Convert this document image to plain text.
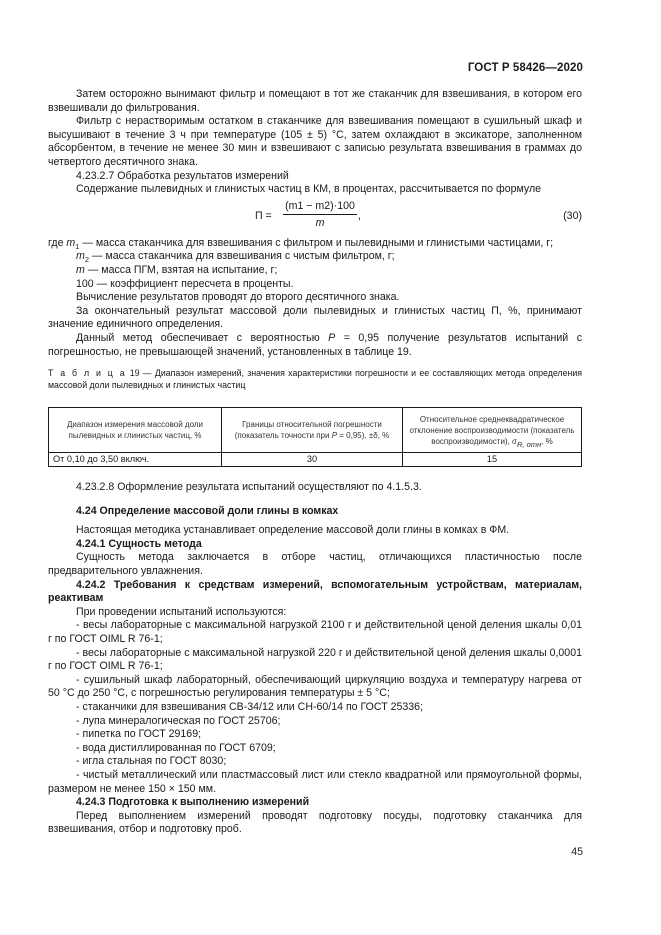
ГОСТ Р 58426—2020

Затем осторожно вынимают фильтр и помещают в тот же стаканчик для взвешивания, в котором его взвешивали до фильтрования.

Фильтр с нерастворимым остатком в стаканчике для взвешивания помещают в сушильный шкаф и высушивают в течение 3 ч при температуре (105 ± 5) °С, затем охлаждают в эксикаторе, заполненном абсорбентом, в течение не менее 30 мин и взвешивают с записью результата взвешивания в граммах до четвертого десятичного знака.

4.23.2.7 Обработка результатов измерений

Содержание пылевидных и глинистых частиц в КМ, в процентах, рассчитывается по формуле

П =
(m1 − m2)·100
m
,	(30)

где $m_1$ — масса стаканчика для взвешивания с фильтром и пылевидными и глинистыми частицами, г;

$m_2$ — масса стаканчика для взвешивания с чистым фильтром, г;

m — масса ПГМ, взятая на испытание, г;

100 — коэффициент пересчета в проценты.

Вычисление результатов проводят до второго десятичного знака.

За окончательный результат массовой доли пылевидных и глинистых частиц П, %, принимают значение единичного определения.

Данный метод обеспечивает с вероятностью P = 0,95 получение результатов испытаний с погрешностью, не превышающей значений, установленных в таблице 19.

Т а б л и ц а 19 — Диапазон измерений, значения характеристики погрешности и ее составляющих метода определения массовой доли пылевидных и глинистых частиц

Диапазон измерения массовой доли пылевидных и глинистых частиц, %	Границы относительной погрешности (показатель точности при P = 0,95), ±δ, %	Относительное среднеквадратическое отклонение воспроизводимости (показатель воспроизводимости), $\sigma_{R, отн}$, %
От 0,10 до 3,50 включ.	30	15

4.23.2.8 Оформление результата испытаний осуществляют по 4.1.5.3.

4.24 Определение массовой доли глины в комках

Настоящая методика устанавливает определение массовой доли глины в комках в ФМ.

4.24.1 Сущность метода

Сущность метода заключается в отборе частиц, отличающихся пластичностью после предварительного увлажнения.

4.24.2 Требования к средствам измерений, вспомогательным устройствам, материалам, реактивам

При проведении испытаний используются:

- весы лабораторные с максимальной нагрузкой 2100 г и действительной ценой деления шкалы 0,01 г по ГОСТ OIML R 76-1;

- весы лабораторные с максимальной нагрузкой 220 г и действительной ценой деления шкалы 0,0001 г по ГОСТ OIML R 76-1;

- сушильный шкаф лабораторный, обеспечивающий циркуляцию воздуха и температуру нагрева от 50 °С до 250 °С, с погрешностью регулирования температуры ± 5 °С;

- стаканчики для взвешивания СВ-34/12 или СН-60/14 по ГОСТ 25336;

- лупа минералогическая по ГОСТ 25706;

- пипетка по ГОСТ 29169;

- вода дистиллированная по ГОСТ 6709;

- игла стальная по ГОСТ 8030;

- чистый металлический или пластмассовый лист или стекло квадратной или прямоугольной формы, размером не менее 150 × 150 мм.

4.24.3 Подготовка к выполнению измерений

Перед выполнением измерений проводят подготовку посуды, подготовку стаканчика для взвешивания, отбор и подготовку проб.

45
